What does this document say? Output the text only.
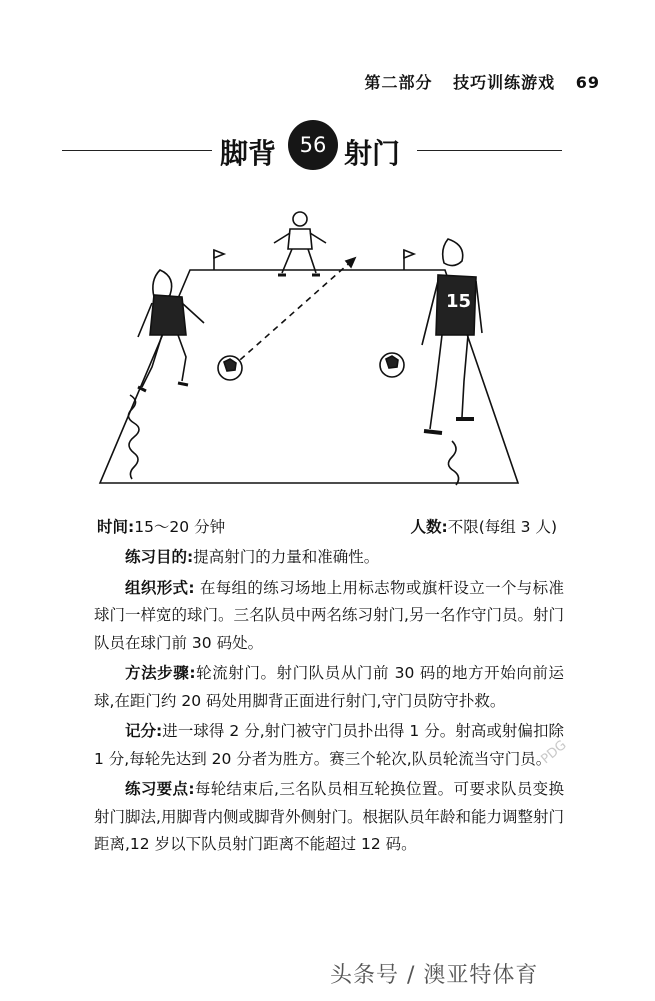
第二部分 技巧训练游戏 69
脚背	56 射门
15
时间:15～20 分钟	人数:不限(每组 3 人)

练习目的:提高射门的力量和准确性。

组织形式: 在每组的练习场地上用标志物或旗杆设立一个与标准球门一样宽的球门。三名队员中两名练习射门,另一名作守门员。射门队员在球门前 30 码处。

方法步骤:轮流射门。射门队员从门前 30 码的地方开始向前运球,在距门约 20 码处用脚背正面进行射门,守门员防守扑救。

记分:进一球得 2 分,射门被守门员扑出得 1 分。射高或射偏扣除 1 分,每轮先达到 20 分者为胜方。赛三个轮次,队员轮流当守门员。

练习要点:每轮结束后,三名队员相互轮换位置。可要求队员变换射门脚法,用脚背内侧或脚背外侧射门。根据队员年龄和能力调整射门距离,12 岁以下队员射门距离不能超过 12 码。

PDG
头条号 / 澳亚特体育
